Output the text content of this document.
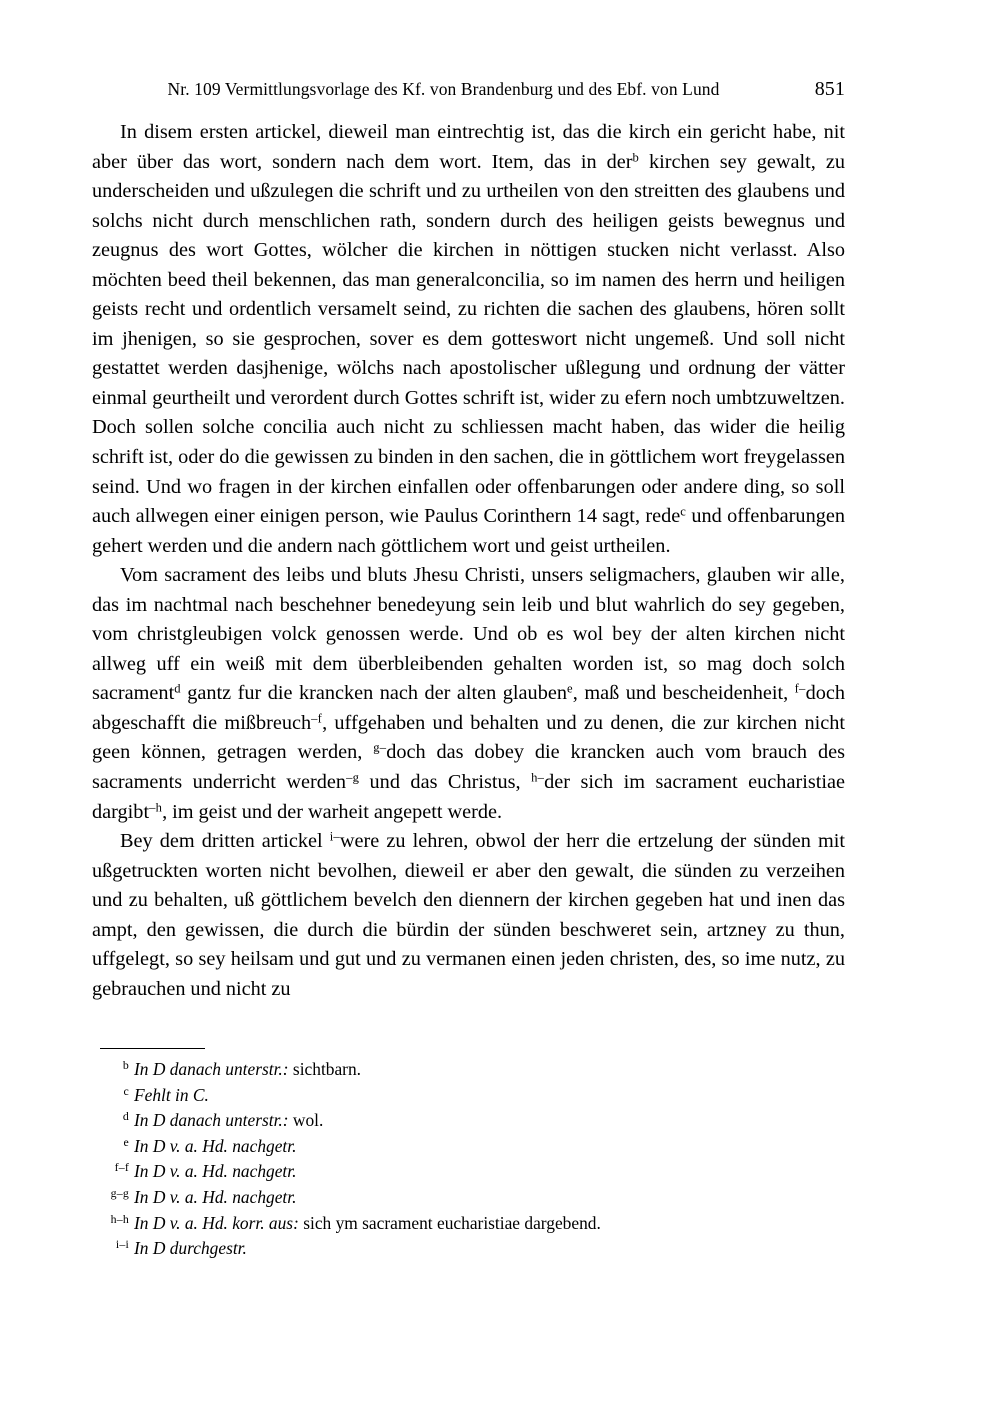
Nr. 109 Vermittlungsvorlage des Kf. von Brandenburg und des Ebf. von Lund	851

In disem ersten artickel, dieweil man eintrechtig ist, das die kirch ein gericht habe, nit aber über das wort, sondern nach dem wort. Item, das in der$^b$ kirchen sey gewalt, zu underscheiden und ußzulegen die schrift und zu urtheilen von den streitten des glaubens und solchs nicht durch menschlichen rath, sondern durch des heiligen geists bewegnus und zeugnus des wort Gottes, wölcher die kirchen in nöttigen stucken nicht verlasst. Also möchten beed theil bekennen, das man generalconcilia, so im namen des herrn und heiligen geists recht und ordentlich versamelt seind, zu richten die sachen des glaubens, hören sollt im jhenigen, so sie gesprochen, sover es dem gotteswort nicht ungemeß. Und soll nicht gestattet werden dasjhenige, wölchs nach apostolischer ußlegung und ordnung der vätter einmal geurtheilt und verordent durch Gottes schrift ist, wider zu efern noch umbtzuweltzen. Doch sollen solche concilia auch nicht zu schliessen macht haben, das wider die heilig schrift ist, oder do die gewissen zu binden in den sachen, die in göttlichem wort freygelassen seind. Und wo fragen in der kirchen einfallen oder offenbarungen oder andere ding, so soll auch allwegen einer einigen person, wie Paulus Corinthern 14 sagt, rede$^c$ und offenbarungen gehert werden und die andern nach göttlichem wort und geist urtheilen.

Vom sacrament des leibs und bluts Jhesu Christi, unsers seligmachers, glauben wir alle, das im nachtmal nach beschehner benedeyung sein leib und blut wahrlich do sey gegeben, vom christgleubigen volck genossen werde. Und ob es wol bey der alten kirchen nicht allweg uff ein weiß mit dem überbleibenden gehalten worden ist, so mag doch solch sacrament$^d$ gantz fur die krancken nach der alten glauben$^e$, maß und bescheidenheit, $^{f-}$doch abgeschafft die mißbreuch$^{-f}$, uffgehaben und behalten und zu denen, die zur kirchen nicht geen können, getragen werden, $^{g-}$doch das dobey die krancken auch vom brauch des sacraments underricht werden$^{-g}$ und das Christus, $^{h-}$der sich im sacrament eucharistiae dargibt$^{-h}$, im geist und der warheit angepett werde.

Bey dem dritten artickel $^{i-}$were zu lehren, obwol der herr die ertzelung der sünden mit ußgetruckten worten nicht bevolhen, dieweil er aber den gewalt, die sünden zu verzeihen und zu behalten, uß göttlichem bevelch den diennern der kirchen gegeben hat und inen das ampt, den gewissen, die durch die bürdin der sünden beschweret sein, artzney zu thun, uffgelegt, so sey heilsam und gut und zu vermanen einen jeden christen, des, so ime nutz, zu gebrauchen und nicht zu

b In D danach unterstr.: sichtbarn.

c Fehlt in C.

d In D danach unterstr.: wol.

e In D v. a. Hd. nachgetr.

f–f In D v. a. Hd. nachgetr.

g–g In D v. a. Hd. nachgetr.

h–h In D v. a. Hd. korr. aus: sich ym sacrament eucharistiae dargebend.

i–i In D durchgestr.
